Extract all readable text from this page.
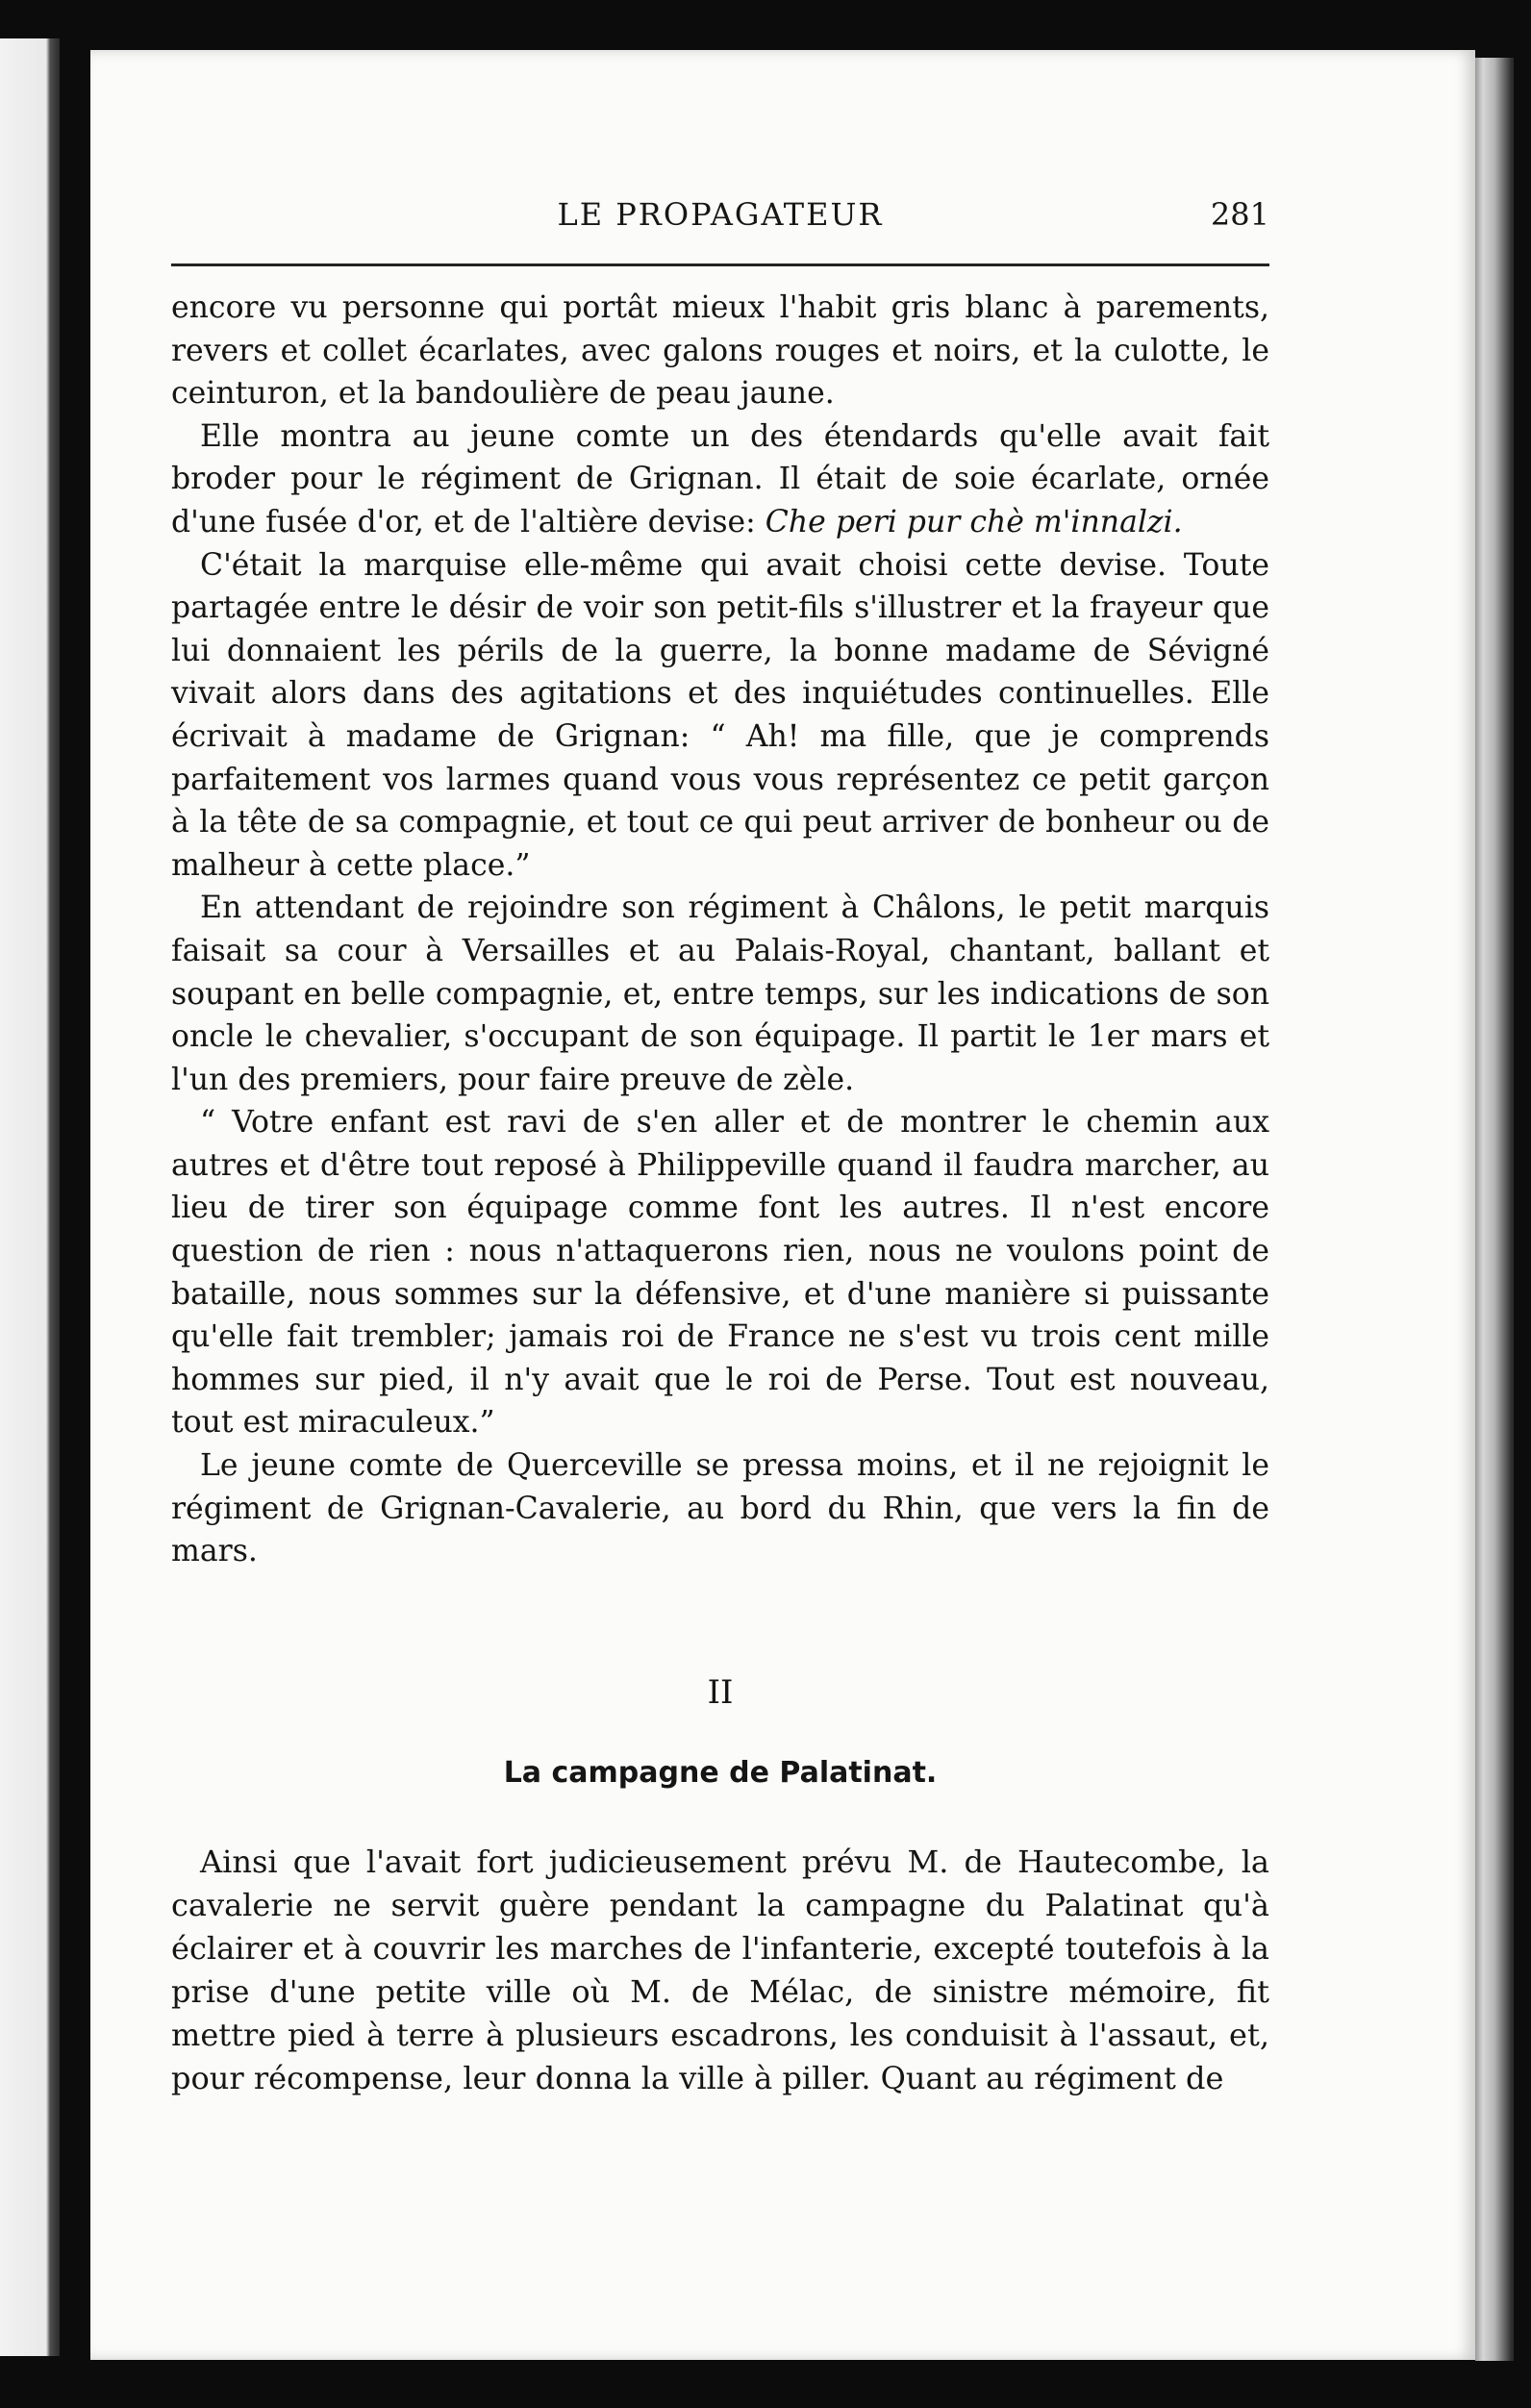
LE PROPAGATEUR	281

encore vu personne qui portât mieux l'habit gris blanc à parements, revers et collet écarlates, avec galons rouges et noirs, et la culotte, le ceinturon, et la bandoulière de peau jaune.

Elle montra au jeune comte un des étendards qu'elle avait fait broder pour le régiment de Grignan. Il était de soie écarlate, ornée d'une fusée d'or, et de l'altière devise: Che peri pur chè m'innalzi.

C'était la marquise elle-même qui avait choisi cette devise. Toute partagée entre le désir de voir son petit-fils s'illustrer et la frayeur que lui donnaient les périls de la guerre, la bonne madame de Sévigné vivait alors dans des agitations et des inquiétudes continuelles. Elle écrivait à madame de Grignan: “ Ah! ma fille, que je comprends parfaitement vos larmes quand vous vous représentez ce petit garçon à la tête de sa compagnie, et tout ce qui peut arriver de bonheur ou de malheur à cette place.”

En attendant de rejoindre son régiment à Châlons, le petit marquis faisait sa cour à Versailles et au Palais-Royal, chantant, ballant et soupant en belle compagnie, et, entre temps, sur les indications de son oncle le chevalier, s'occupant de son équipage. Il partit le 1er mars et l'un des premiers, pour faire preuve de zèle.

“ Votre enfant est ravi de s'en aller et de montrer le chemin aux autres et d'être tout reposé à Philippeville quand il faudra marcher, au lieu de tirer son équipage comme font les autres. Il n'est encore question de rien : nous n'attaquerons rien, nous ne voulons point de bataille, nous sommes sur la défensive, et d'une manière si puissante qu'elle fait trembler; jamais roi de France ne s'est vu trois cent mille hommes sur pied, il n'y avait que le roi de Perse. Tout est nouveau, tout est miraculeux.”

Le jeune comte de Querceville se pressa moins, et il ne rejoignit le régiment de Grignan-Cavalerie, au bord du Rhin, que vers la fin de mars.

II
La campagne de Palatinat.

Ainsi que l'avait fort judicieusement prévu M. de Hautecombe, la cavalerie ne servit guère pendant la campagne du Palatinat qu'à éclairer et à couvrir les marches de l'infanterie, excepté toutefois à la prise d'une petite ville où M. de Mélac, de sinistre mémoire, fit mettre pied à terre à plusieurs escadrons, les conduisit à l'assaut, et, pour récompense, leur donna la ville à piller. Quant au régiment de
